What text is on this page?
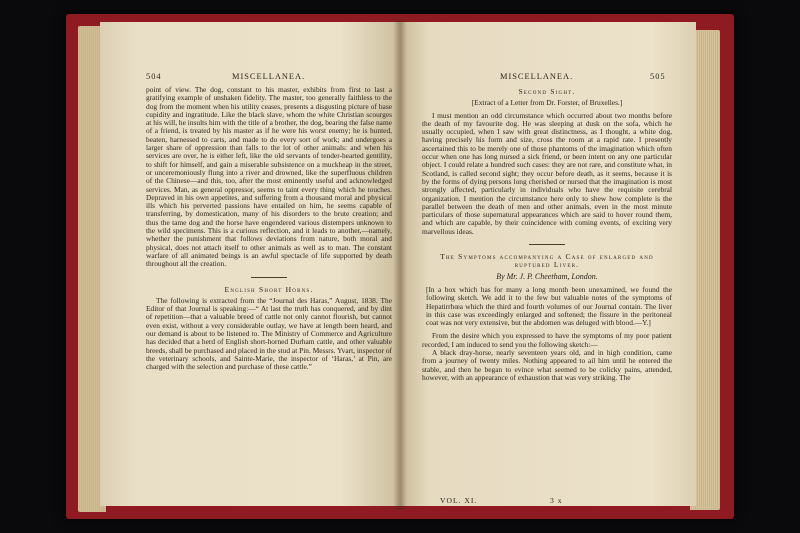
504	MISCELLANEA.

point of view. The dog, constant to his master, exhibits from first to last a gratifying example of unshaken fidelity. The master, too generally faithless to the dog from the moment when his utility ceases, presents a disgusting picture of base cupidity and ingratitude. Like the black slave, whom the white Christian scourges at his will, he insults him with the title of a brother, the dog, bearing the false name of a friend, is treated by his master as if he were his worst enemy; he is hunted, beaten, harnessed to carts, and made to do every sort of work; and undergoes a larger share of oppression than falls to the lot of other animals: and when his services are over, he is either left, like the old servants of tender-hearted gentility, to shift for himself, and gain a miserable subsistence on a muckheap in the street, or unceremoniously flung into a river and drowned, like the superfluous children of the Chinese—and this, too, after the most eminently useful and acknowledged services. Man, as general oppressor, seems to taint every thing which he touches. Depraved in his own appetites, and suffering from a thousand moral and physical ills which his perverted passions have entailed on him, he seems capable of transferring, by domestication, many of his disorders to the brute creation; and thus the tame dog and the horse have engendered various distempers unknown to the wild specimens. This is a curious reflection, and it leads to another,—namely, whether the punishment that follows deviations from nature, both moral and physical, does not attach itself to other animals as well as to man. The constant warfare of all animated beings is an awful spectacle of life supported by death throughout all the creation.

English Short Horns.

The following is extracted from the “Journal des Haras,” August, 1838. The Editor of that Journal is speaking:—“ At last the truth has conquered, and by dint of repetition—that a valuable breed of cattle not only cannot flourish, but cannot even exist, without a very considerable outlay, we have at length been heard, and our demand is about to be listened to. The Ministry of Commerce and Agriculture has decided that a herd of English short-horned Durham cattle, and other valuable breeds, shall be purchased and placed in the stud at Pin. Messrs. Yvart, inspector of the veterinary schools, and Sainte-Marie, the inspector of ‘Haras,’ at Pin, are charged with the selection and purchase of these cattle.”

MISCELLANEA.	505
Second Sight.
[Extract of a Letter from Dr. Forster, of Bruxelles.]

I must mention an odd circumstance which occurred about two months before the death of my favourite dog. He was sleeping at dusk on the sofa, which he usually occupied, when I saw with great distinctness, as I thought, a white dog, having precisely his form and size, cross the room at a rapid rate. I presently ascertained this to be merely one of those phantoms of the imagination which often occur when one has long nursed a sick friend, or been intent on any one particular object. I could relate a hundred such cases: they are not rare, and constitute what, in Scotland, is called second sight; they occur before death, as it seems, because it is by the forms of dying persons long cherished or nursed that the imagination is most strongly affected, particularly in individuals who have the requisite cerebral organization. I mention the circumstance here only to shew how complete is the parallel between the death of men and other animals, even in the most minute particulars of those supernatural appearances which are said to hover round them, and which are capable, by their coincidence with coming events, of exciting very marvellous ideas.

The Symptoms accompanying a Case of enlarged and ruptured Liver.
By Mr. J. P. Cheetham, London.

[In a box which has for many a long month been unexamined, we found the following sketch. We add it to the few but valuable notes of the symptoms of Hepatirrhœa which the third and fourth volumes of our Journal contain. The liver in this case was exceedingly enlarged and softened; the fissure in the peritoneal coat was not very extensive, but the abdomen was deluged with blood.—Y.]

From the desire which you expressed to have the symptoms of my poor patient recorded, I am induced to send you the following sketch:—

A black dray-horse, nearly seventeen years old, and in high condition, came from a journey of twenty miles. Nothing appeared to ail him until he entered the stable, and then he began to evince what seemed to be colicky pains, attended, however, with an appearance of exhaustion that was very striking. The

VOL. XI.	3 x
